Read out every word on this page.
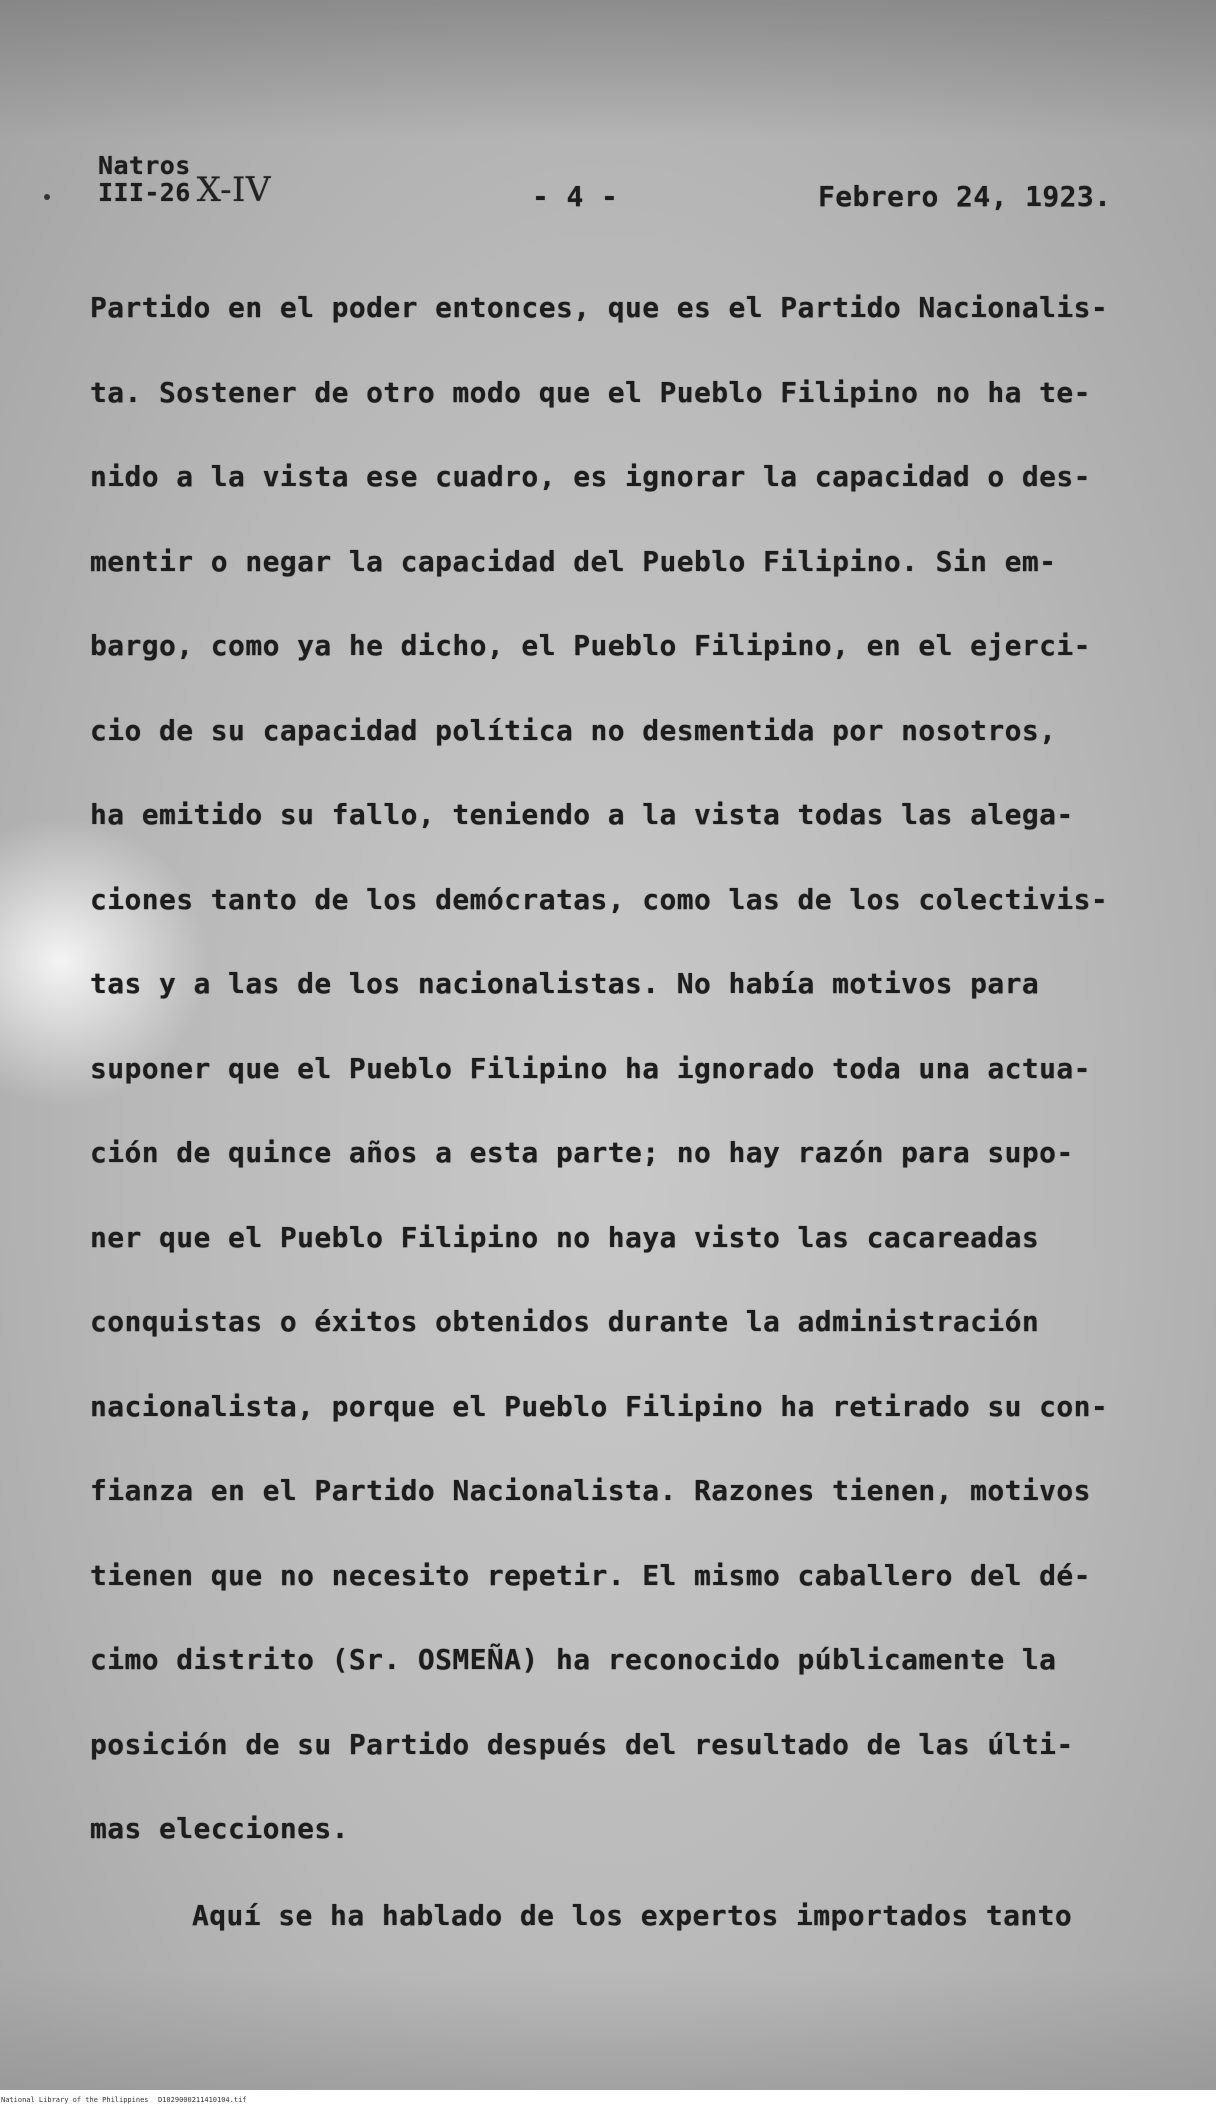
Natros
III-26 X-IV	- 4 -	Febrero 24, 1923.
Partido en el poder entonces, que es el Partido Nacionalis-
ta. Sostener de otro modo que el Pueblo Filipino no ha te-
nido a la vista ese cuadro, es ignorar la capacidad o des-
mentir o negar la capacidad del Pueblo Filipino. Sin em-
bargo, como ya he dicho, el Pueblo Filipino, en el ejerci-
cio de su capacidad política no desmentida por nosotros,
ha emitido su fallo, teniendo a la vista todas las alega-
ciones tanto de los demócratas, como las de los colectivis-
tas y a las de los nacionalistas. No había motivos para
suponer que el Pueblo Filipino ha ignorado toda una actua-
ción de quince años a esta parte; no hay razón para supo-
ner que el Pueblo Filipino no haya visto las cacareadas
conquistas o éxitos obtenidos durante la administración
nacionalista, porque el Pueblo Filipino ha retirado su con-
fianza en el Partido Nacionalista. Razones tienen, motivos
tienen que no necesito repetir. El mismo caballero del dé-
cimo distrito (Sr. OSMEÑA) ha reconocido públicamente la
posición de su Partido después del resultado de las últi-
mas elecciones.
Aquí se ha hablado de los expertos importados tanto
National Library of the Philippines D1029000211410104.tif
